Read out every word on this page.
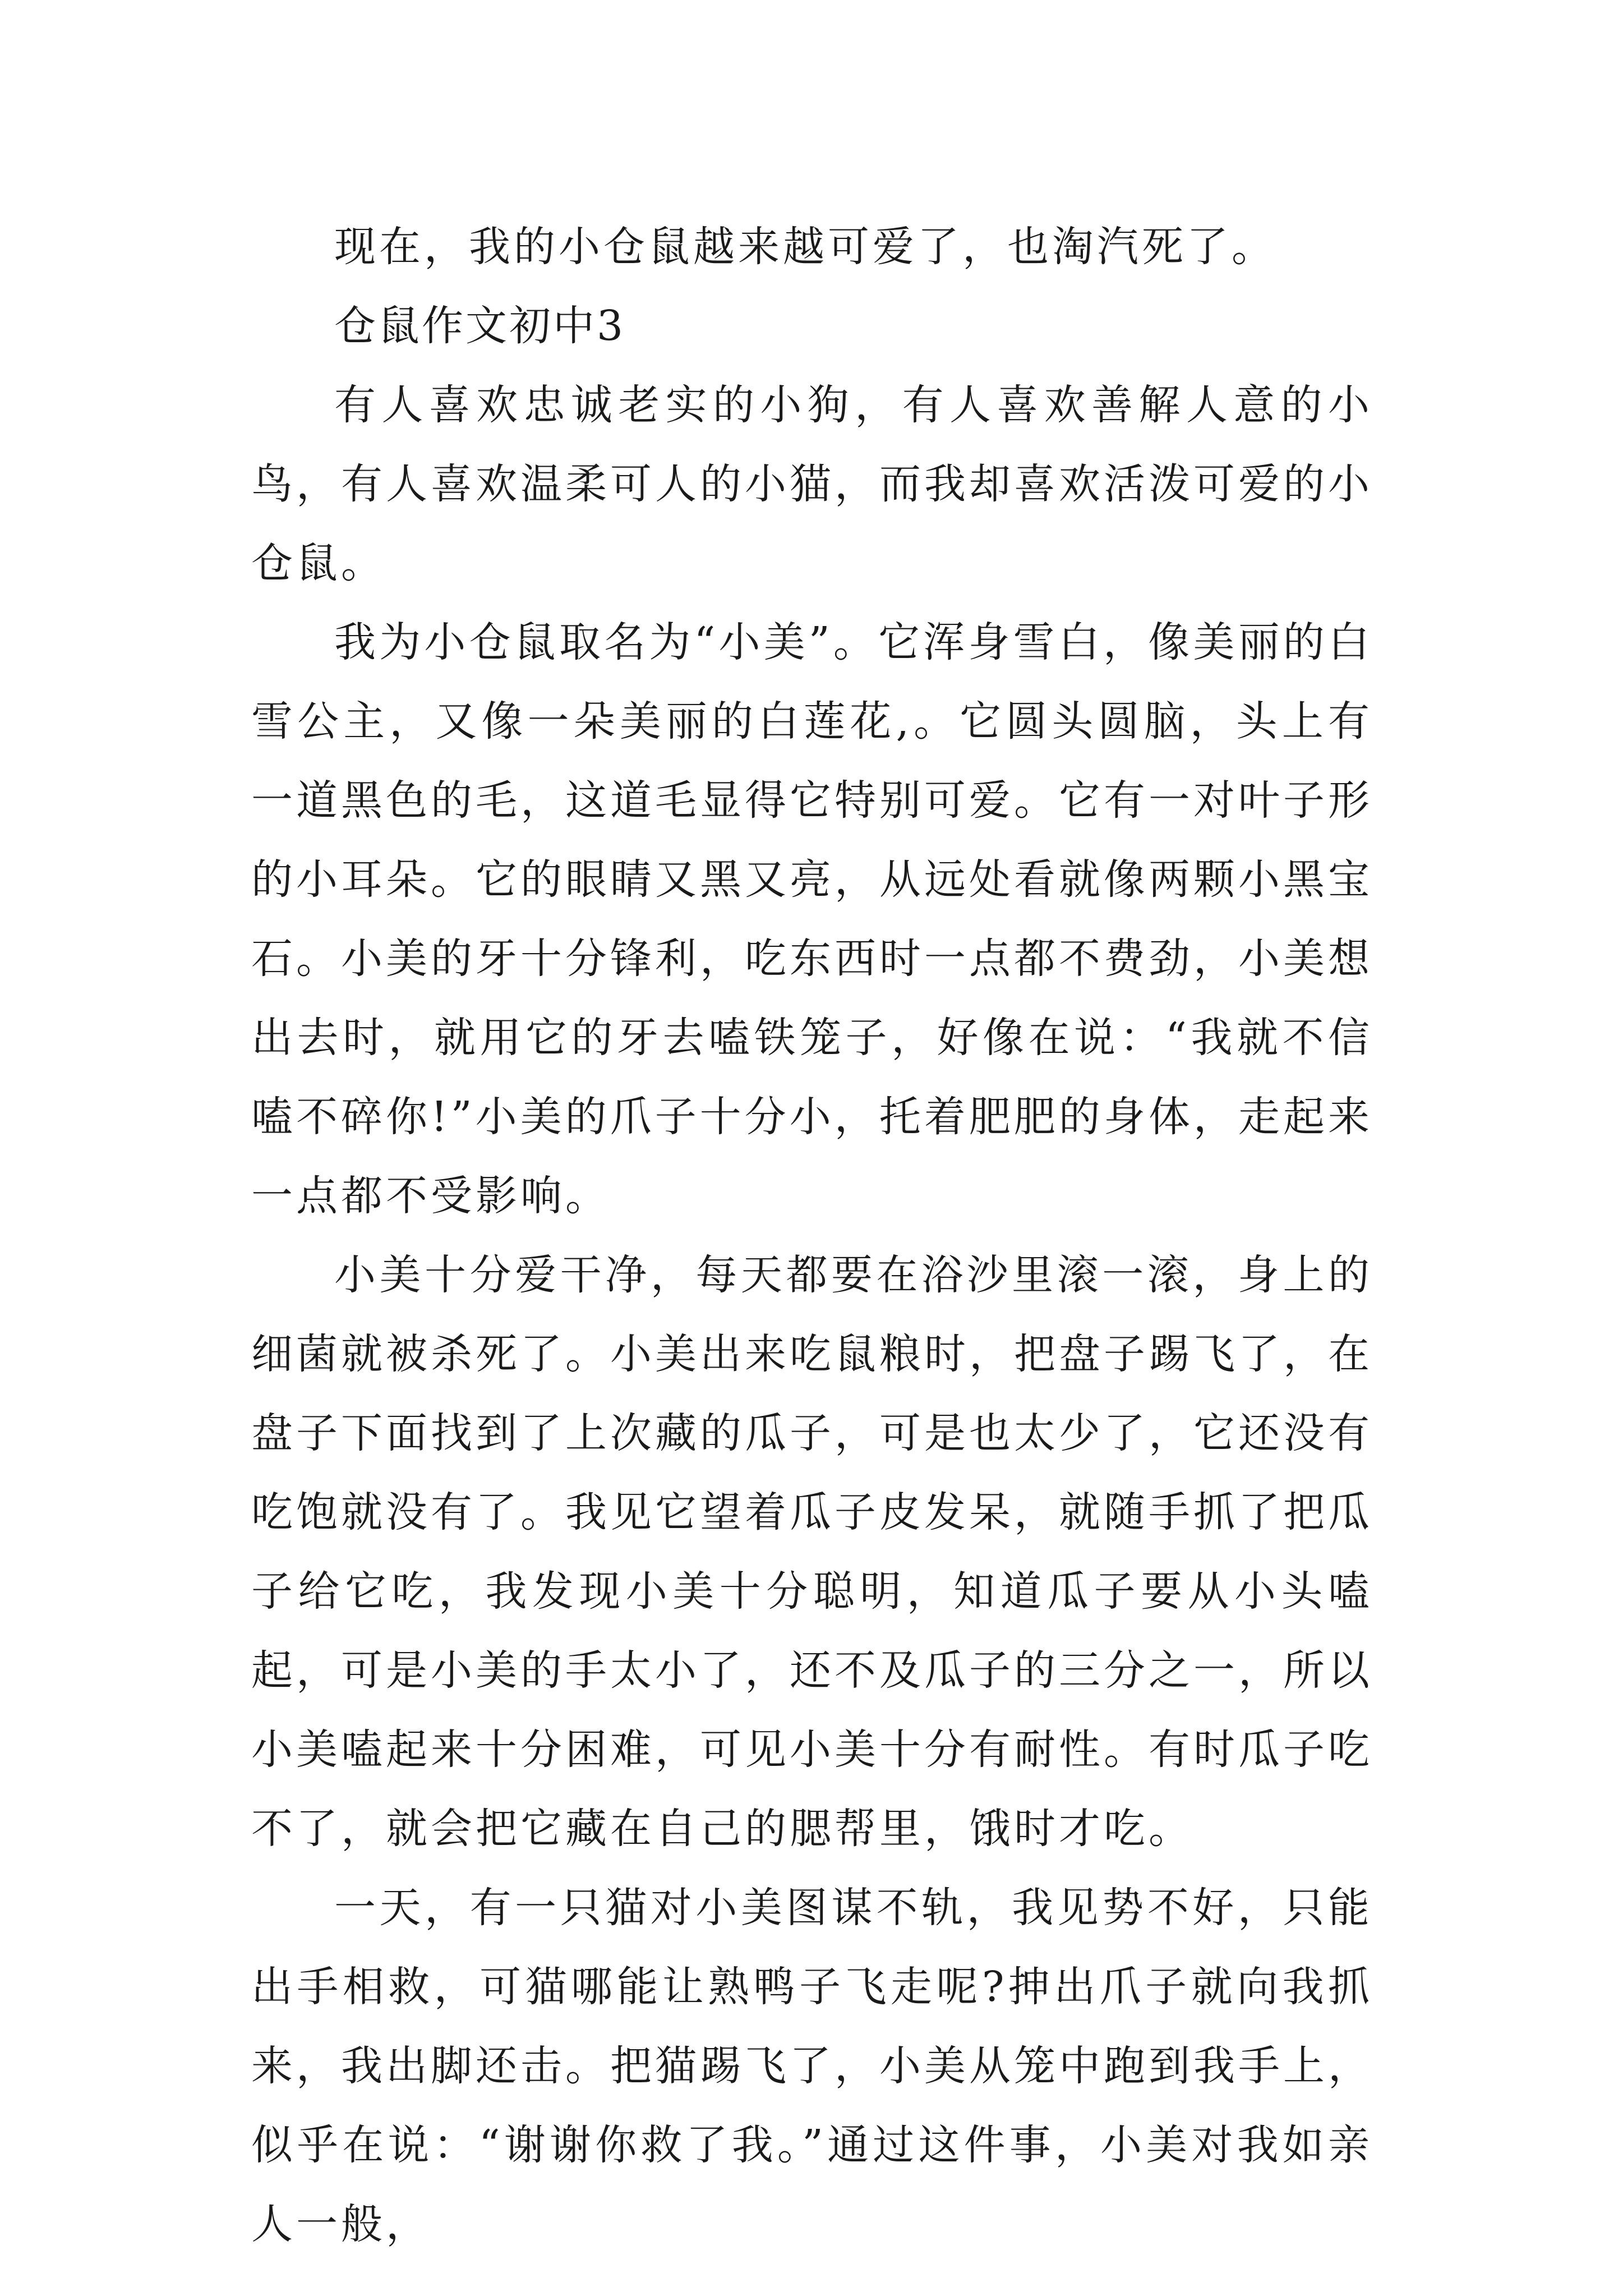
现在，我的小仓鼠越来越可爱了，也淘汽死了。

仓鼠作文初中3

有人喜欢忠诚老实的小狗，有人喜欢善解人意的小鸟，有人喜欢温柔可人的小猫，而我却喜欢活泼可爱的小仓鼠。

我为小仓鼠取名为“小美”。它浑身雪白，像美丽的白雪公主，又像一朵美丽的白莲花,。它圆头圆脑，头上有一道黑色的毛，这道毛显得它特别可爱。它有一对叶子形的小耳朵。它的眼睛又黑又亮，从远处看就像两颗小黑宝石。小美的牙十分锋利，吃东西时一点都不费劲，小美想出去时，就用它的牙去嗑铁笼子，好像在说：“我就不信嗑不碎你!”小美的爪子十分小，托着肥肥的身体，走起来一点都不受影响。

小美十分爱干净，每天都要在浴沙里滚一滚，身上的细菌就被杀死了。小美出来吃鼠粮时，把盘子踢飞了，在盘子下面找到了上次藏的瓜子，可是也太少了，它还没有吃饱就没有了。我见它望着瓜子皮发呆，就随手抓了把瓜子给它吃，我发现小美十分聪明，知道瓜子要从小头嗑起，可是小美的手太小了，还不及瓜子的三分之一，所以小美嗑起来十分困难，可见小美十分有耐性。有时瓜子吃不了，就会把它藏在自己的腮帮里，饿时才吃。

一天，有一只猫对小美图谋不轨，我见势不好，只能出手相救，可猫哪能让熟鸭子飞走呢?抻出爪子就向我抓来，我出脚还击。把猫踢飞了，小美从笼中跑到我手上，似乎在说：“谢谢你救了我。”通过这件事，小美对我如亲人一般，
